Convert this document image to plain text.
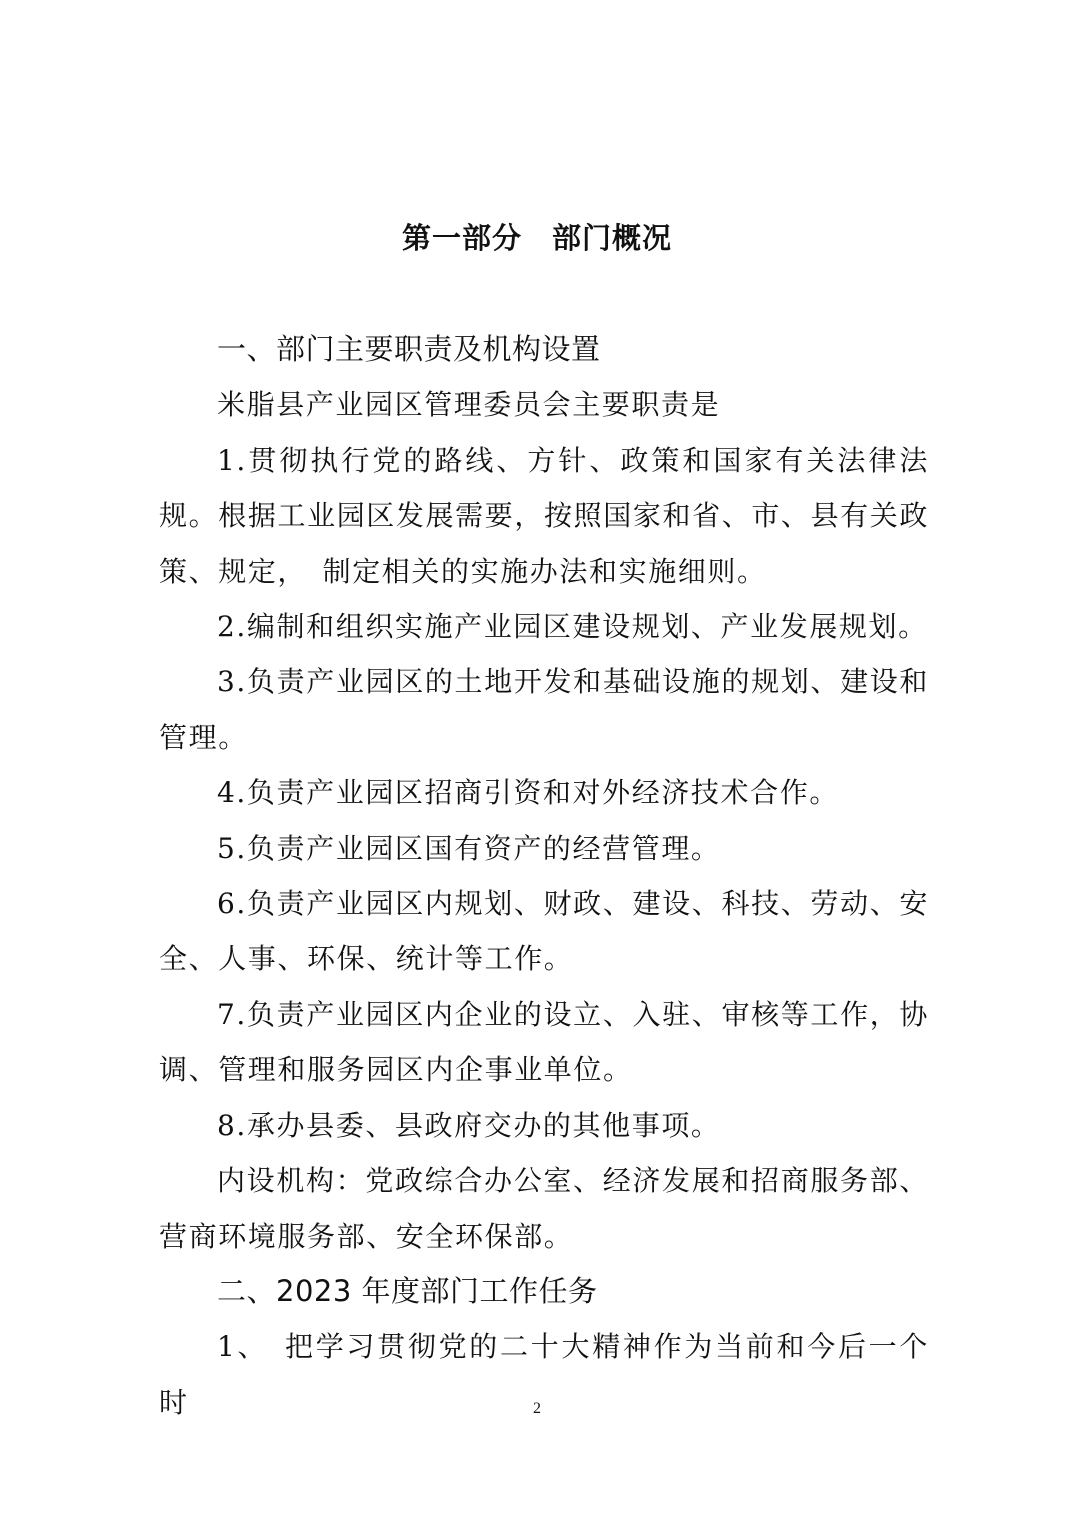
第一部分　部门概况

一、部门主要职责及机构设置

米脂县产业园区管理委员会主要职责是

1.贯彻执行党的路线、方针、政策和国家有关法律法规。根据工业园区发展需要，按照国家和省、市、县有关政策、规定，　制定相关的实施办法和实施细则。

2.编制和组织实施产业园区建设规划、产业发展规划。

3.负责产业园区的土地开发和基础设施的规划、建设和管理。

4.负责产业园区招商引资和对外经济技术合作。

5.负责产业园区国有资产的经营管理。

6.负责产业园区内规划、财政、建设、科技、劳动、安全、人事、环保、统计等工作。

7.负责产业园区内企业的设立、入驻、审核等工作，协调、管理和服务园区内企事业单位。

8.承办县委、县政府交办的其他事项。

内设机构：党政综合办公室、经济发展和招商服务部、营商环境服务部、安全环保部。

二、2023 年度部门工作任务

1、　把学习贯彻党的二十大精神作为当前和今后一个时	2
